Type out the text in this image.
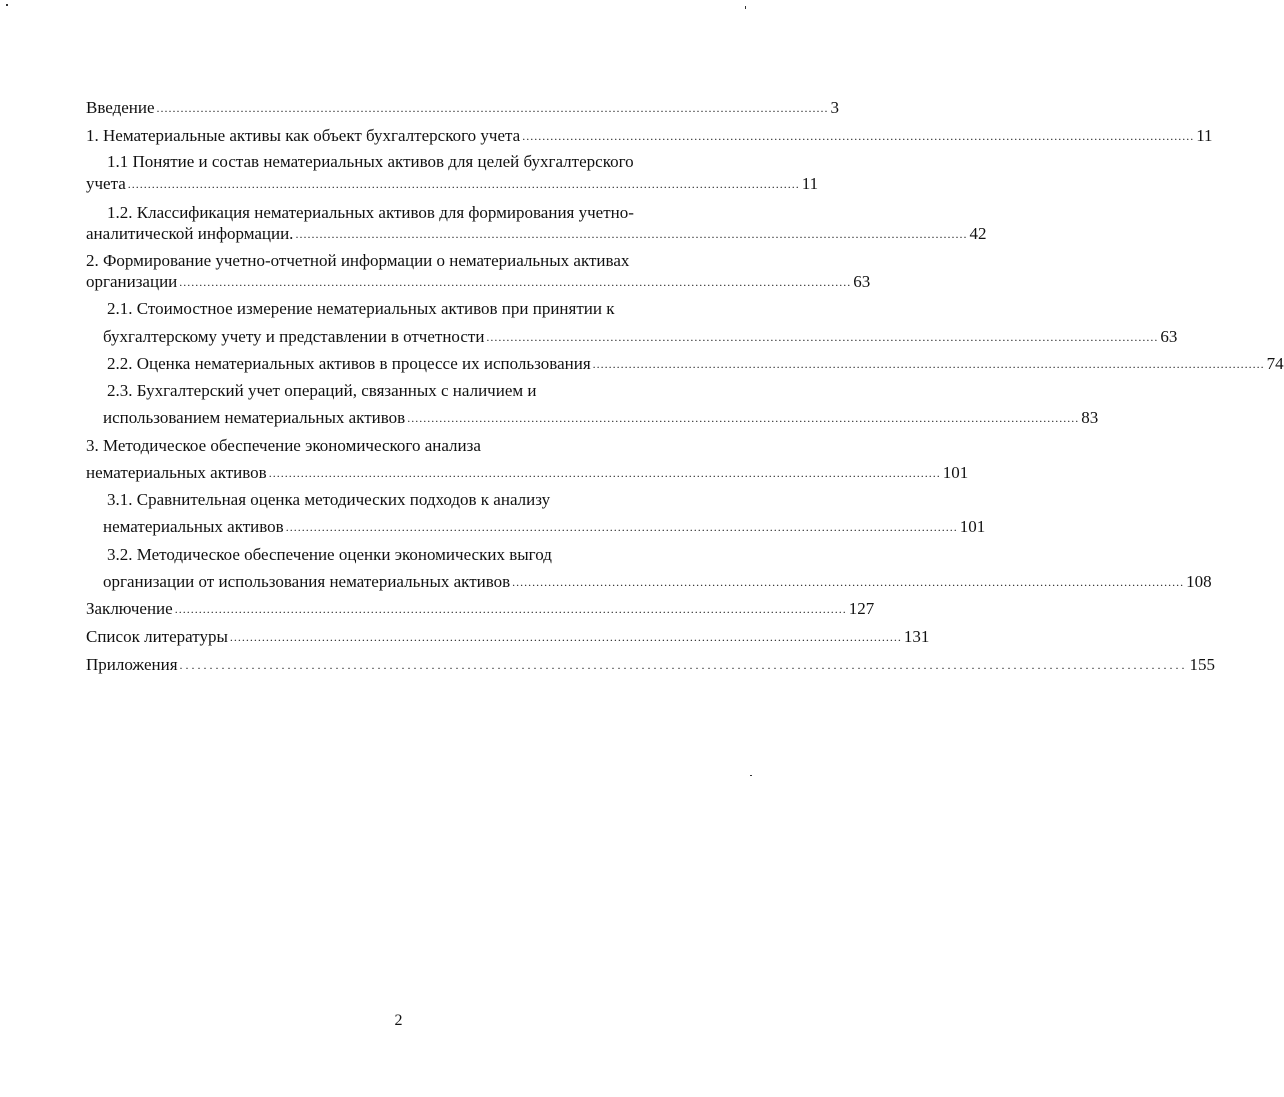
Введение ........................................................................................................................................................................ 3
1. Нематериальные активы как объект бухгалтерского учета ........................................................................................................................................................................ 11
1.1 Понятие и состав нематериальных активов для целей бухгалтерского
учета ........................................................................................................................................................................ 11
1.2. Классификация нематериальных активов для формирования учетно-
аналитической информации. ........................................................................................................................................................................ 42
2. Формирование учетно-отчетной информации о нематериальных активах
организации ........................................................................................................................................................................ 63
2.1. Стоимостное измерение нематериальных активов при принятии к
бухгалтерскому учету и представлении в отчетности ........................................................................................................................................................................ 63
2.2. Оценка нематериальных активов в процессе их использования ........................................................................................................................................................................ 74
2.3. Бухгалтерский учет операций, связанных с наличием и
использованием нематериальных активов ........................................................................................................................................................................ 83
3. Методическое обеспечение экономического анализа
нематериальных активов ........................................................................................................................................................................ 101
3.1. Сравнительная оценка методических подходов к анализу
нематериальных активов ........................................................................................................................................................................ 101
3.2. Методическое обеспечение оценки экономических выгод
организации от использования нематериальных активов ........................................................................................................................................................................ 108
Заключение ........................................................................................................................................................................ 127
Список литературы ........................................................................................................................................................................ 131
Приложения ........................................................................................................................................................................ 155
2
